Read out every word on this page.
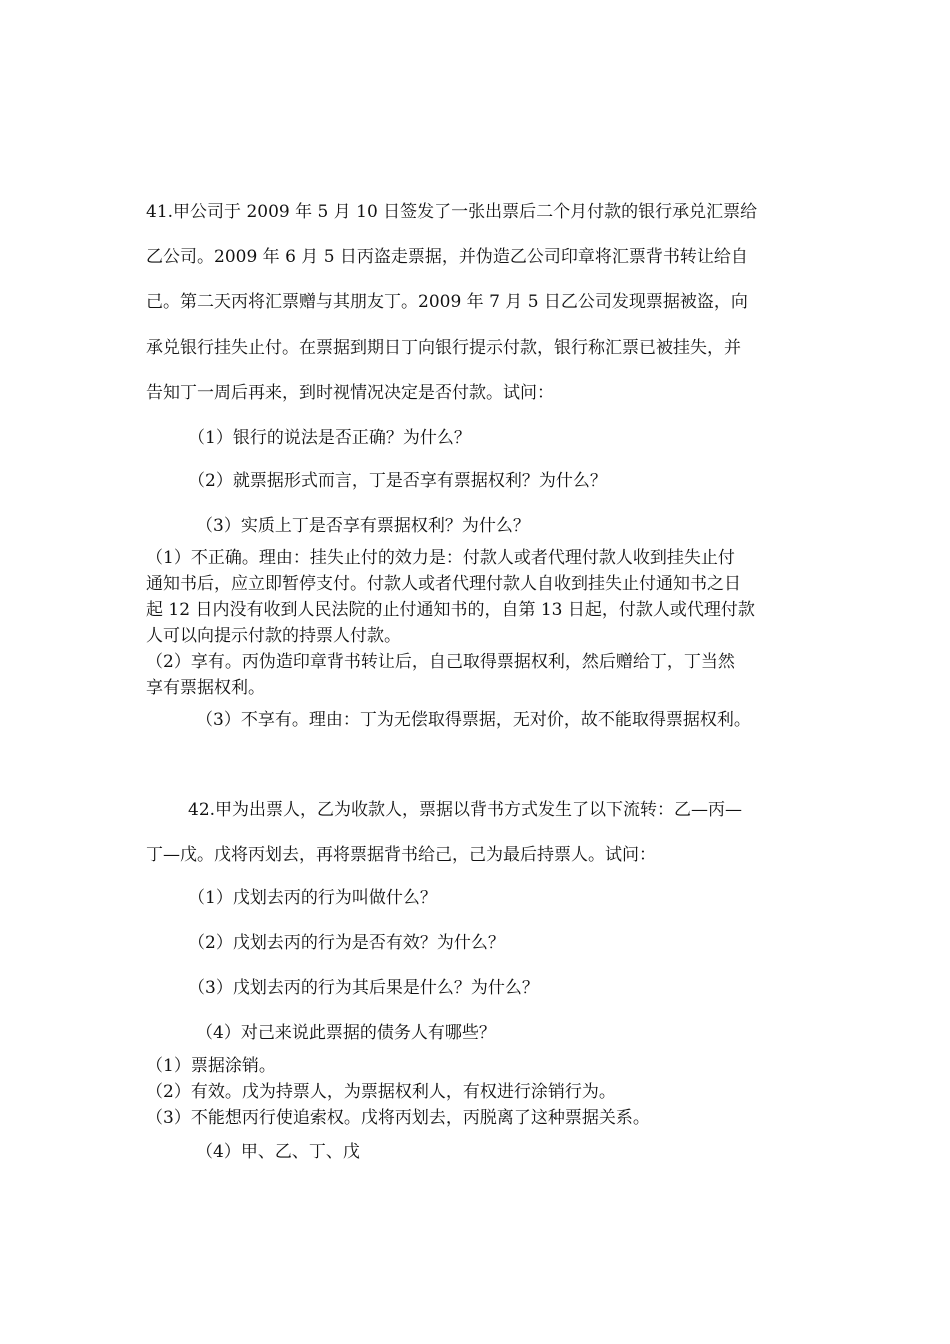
41.甲公司于 2009 年 5 月 10 日签发了一张出票后二个月付款的银行承兑汇票给

乙公司。2009 年 6 月 5 日丙盗走票据，并伪造乙公司印章将汇票背书转让给自

己。第二天丙将汇票赠与其朋友丁。2009 年 7 月 5 日乙公司发现票据被盗，向

承兑银行挂失止付。在票据到期日丁向银行提示付款，银行称汇票已被挂失，并

告知丁一周后再来，到时视情况决定是否付款。试问：

（1）银行的说法是否正确？为什么？

（2）就票据形式而言，丁是否享有票据权利？为什么？

（3）实质上丁是否享有票据权利？为什么？

（1）不正确。理由：挂失止付的效力是：付款人或者代理付款人收到挂失止付

通知书后，应立即暂停支付。付款人或者代理付款人自收到挂失止付通知书之日

起 12 日内没有收到人民法院的止付通知书的，自第 13 日起，付款人或代理付款

人可以向提示付款的持票人付款。

（2）享有。丙伪造印章背书转让后，自己取得票据权利，然后赠给丁，丁当然

享有票据权利。

（3）不享有。理由：丁为无偿取得票据，无对价，故不能取得票据权利。

42.甲为出票人，乙为收款人，票据以背书方式发生了以下流转：乙—丙—

丁—戊。戊将丙划去，再将票据背书给己，己为最后持票人。试问：

（1）戊划去丙的行为叫做什么？

（2）戊划去丙的行为是否有效？为什么？

（3）戊划去丙的行为其后果是什么？为什么？

（4）对己来说此票据的债务人有哪些？

（1）票据涂销。

（2）有效。戊为持票人，为票据权利人，有权进行涂销行为。

（3）不能想丙行使追索权。戊将丙划去，丙脱离了这种票据关系。

（4）甲、乙、丁、戊
